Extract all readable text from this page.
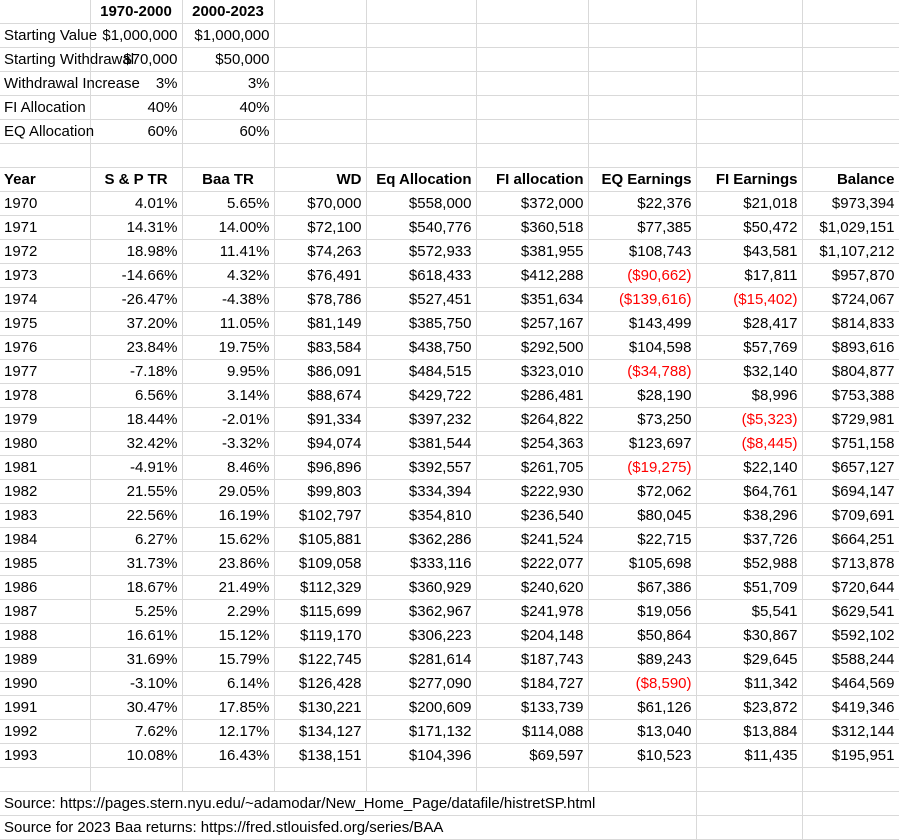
	1970-2000	2000-2023						
Starting Value	$1,000,000	$1,000,000						
Starting Withdrawal	$70,000	$50,000						
Withdrawal Increase	3%	3%						
FI Allocation	40%	40%						
EQ Allocation	60%	60%						

Year	S & P TR	Baa TR	WD	Eq Allocation	FI allocation	EQ Earnings	FI Earnings	Balance
1970	4.01%	5.65%	$70,000	$558,000	$372,000	$22,376	$21,018	$973,394
1971	14.31%	14.00%	$72,100	$540,776	$360,518	$77,385	$50,472	$1,029,151
1972	18.98%	11.41%	$74,263	$572,933	$381,955	$108,743	$43,581	$1,107,212
1973	-14.66%	4.32%	$76,491	$618,433	$412,288	($90,662)	$17,811	$957,870
1974	-26.47%	-4.38%	$78,786	$527,451	$351,634	($139,616)	($15,402)	$724,067
1975	37.20%	11.05%	$81,149	$385,750	$257,167	$143,499	$28,417	$814,833
1976	23.84%	19.75%	$83,584	$438,750	$292,500	$104,598	$57,769	$893,616
1977	-7.18%	9.95%	$86,091	$484,515	$323,010	($34,788)	$32,140	$804,877
1978	6.56%	3.14%	$88,674	$429,722	$286,481	$28,190	$8,996	$753,388
1979	18.44%	-2.01%	$91,334	$397,232	$264,822	$73,250	($5,323)	$729,981
1980	32.42%	-3.32%	$94,074	$381,544	$254,363	$123,697	($8,445)	$751,158
1981	-4.91%	8.46%	$96,896	$392,557	$261,705	($19,275)	$22,140	$657,127
1982	21.55%	29.05%	$99,803	$334,394	$222,930	$72,062	$64,761	$694,147
1983	22.56%	16.19%	$102,797	$354,810	$236,540	$80,045	$38,296	$709,691
1984	6.27%	15.62%	$105,881	$362,286	$241,524	$22,715	$37,726	$664,251
1985	31.73%	23.86%	$109,058	$333,116	$222,077	$105,698	$52,988	$713,878
1986	18.67%	21.49%	$112,329	$360,929	$240,620	$67,386	$51,709	$720,644
1987	5.25%	2.29%	$115,699	$362,967	$241,978	$19,056	$5,541	$629,541
1988	16.61%	15.12%	$119,170	$306,223	$204,148	$50,864	$30,867	$592,102
1989	31.69%	15.79%	$122,745	$281,614	$187,743	$89,243	$29,645	$588,244
1990	-3.10%	6.14%	$126,428	$277,090	$184,727	($8,590)	$11,342	$464,569
1991	30.47%	17.85%	$130,221	$200,609	$133,739	$61,126	$23,872	$419,346
1992	7.62%	12.17%	$134,127	$171,132	$114,088	$13,040	$13,884	$312,144
1993	10.08%	16.43%	$138,151	$104,396	$69,597	$10,523	$11,435	$195,951

Source: https://pages.stern.nyu.edu/~adamodar/New_Home_Page/datafile/histretSP.html								
Source for 2023 Baa returns: https://fred.stlouisfed.org/series/BAA								
